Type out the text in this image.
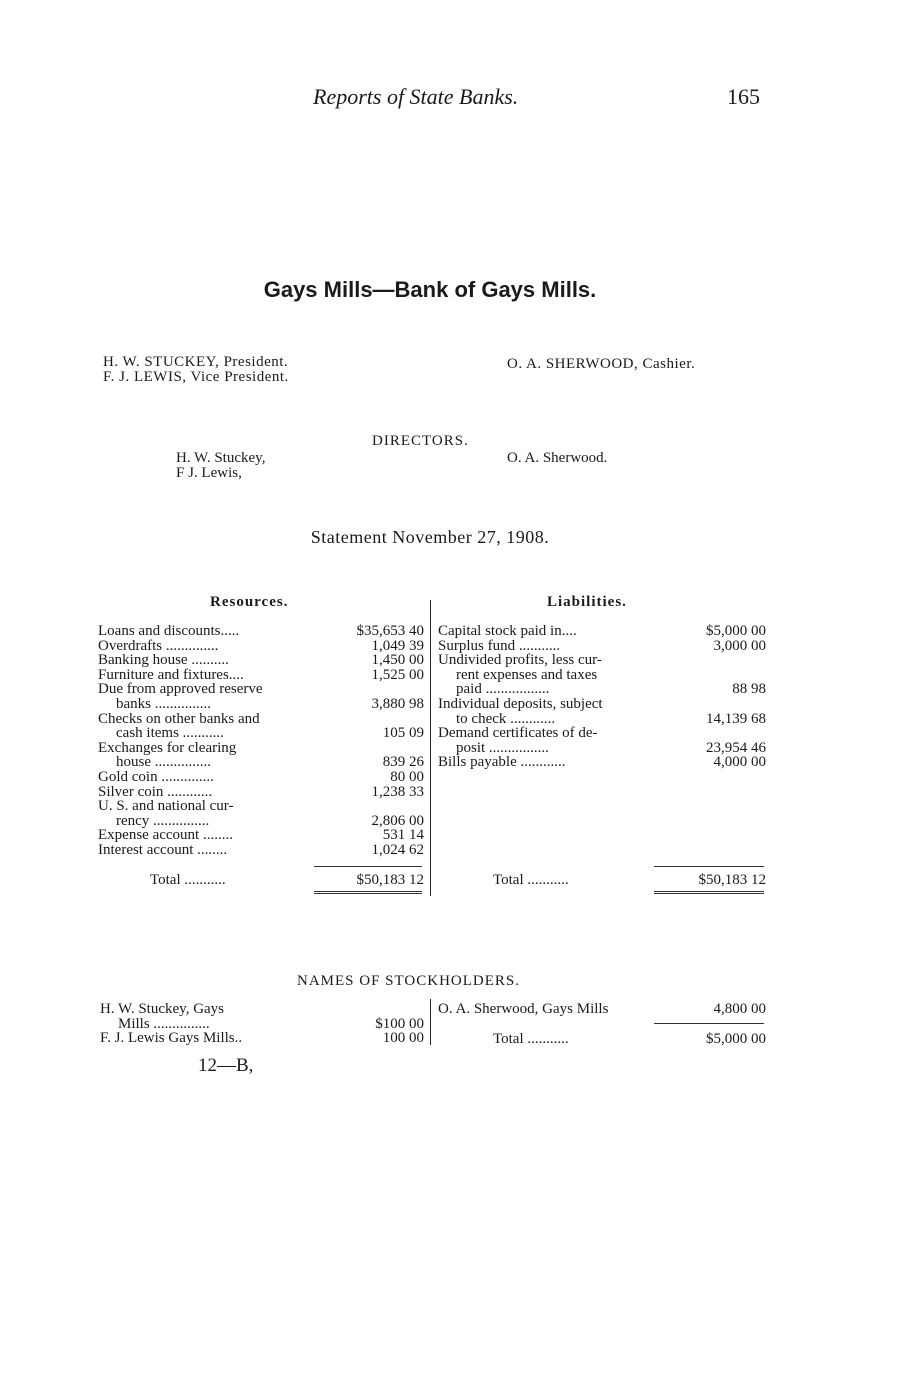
Reports of State Banks.	165
Gays Mills—Bank of Gays Mills.
H. W. STUCKEY, President.
F. J. LEWIS, Vice President.
O. A. SHERWOOD, Cashier.
DIRECTORS.
H. W. Stuckey,
F J. Lewis,
O. A. Sherwood.
Statement November 27, 1908.
Resources.	Liabilities.
Loans and discounts.....	$35,653 40
Overdrafts ..............	1,049 39
Banking house ..........	1,450 00
Furniture and fixtures....	1,525 00
Due from approved reserve
banks ...............	3,880 98
Checks on other banks and
cash items ...........	105 09
Exchanges for clearing
house ...............	839 26
Gold coin ..............	80 00
Silver coin ............	1,238 33
U. S. and national cur-
rency ...............	2,806 00
Expense account ........	531 14
Interest account ........	1,024 62
Capital stock paid in....	$5,000 00
Surplus fund ...........	3,000 00
Undivided profits, less cur-
rent expenses and taxes
paid .................	88 98
Individual deposits, subject
to check ............	14,139 68
Demand certificates of de-
posit ................	23,954 46
Bills payable ............	4,000 00
Total ...........	$50,183 12	Total ...........	$50,183 12
NAMES OF STOCKHOLDERS.
H. W. Stuckey, Gays
Mills ...............	$100 00
F. J. Lewis Gays Mills..	100 00
O. A. Sherwood, Gays Mills	4,800 00
Total ...........	$5,000 00
12—B,
